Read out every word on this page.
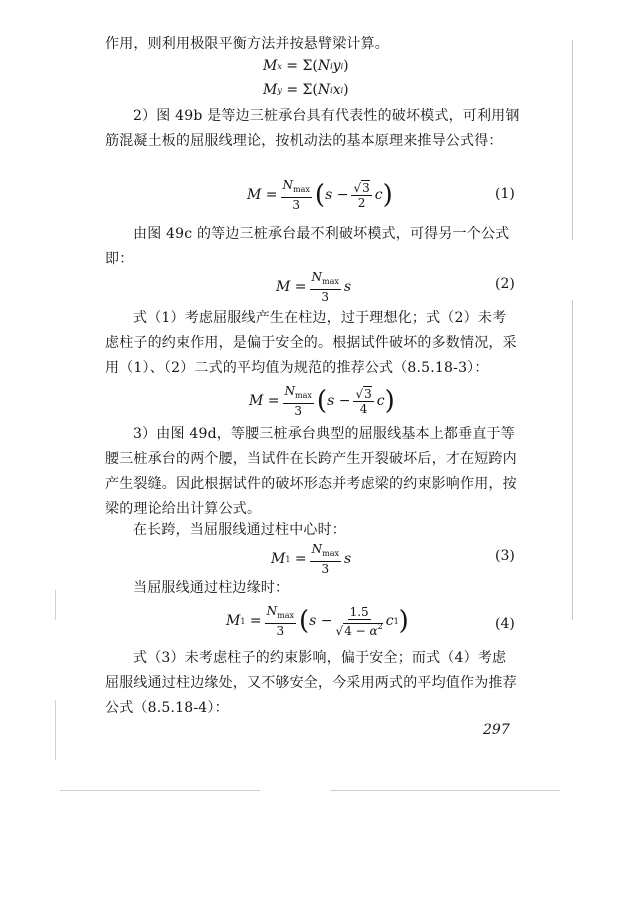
作用，则利用极限平衡方法并按悬臂梁计算。
M x = Σ( N i y i )
M y = Σ( N i x i )
2）图 49b 是等边三桩承台具有代表性的破坏模式，可利用钢筋混凝土板的屈服线理论，按机动法的基本原理来推导公式得：
$M = \frac{N_{max}}{3}$ ( $s - \frac{√3}{2}$ c )	(1)
由图 49c 的等边三桩承台最不利破坏模式，可得另一个公式即：
$M = \frac{N_{max}}{3}$ s	(2)
式（1）考虑屈服线产生在柱边，过于理想化；式（2）未考虑柱子的约束作用，是偏于安全的。根据试件破坏的多数情况，采用（1）、（2）二式的平均值为规范的推荐公式（8.5.18-3）：
$M = \frac{N_{max}}{3}$ ( $s - \frac{√3}{4}$ c )
3）由图 49d，等腰三桩承台典型的屈服线基本上都垂直于等腰三桩承台的两个腰，当试件在长跨产生开裂破坏后，才在短跨内产生裂缝。因此根据试件的破坏形态并考虑梁的约束影响作用，按梁的理论给出计算公式。
在长跨，当屈服线通过柱中心时：
M $1 = \frac{N_{max}}{3}$ s	(3)
当屈服线通过柱边缘时：
M $1 = \frac{N_{max}}{3}$ ( $s - \frac{1.5}{√4 - \alpha^2}$ c 1 )	(4)
式（3）未考虑柱子的约束影响，偏于安全；而式（4）考虑屈服线通过柱边缘处，又不够安全，今采用两式的平均值作为推荐公式（8.5.18-4）：
297
